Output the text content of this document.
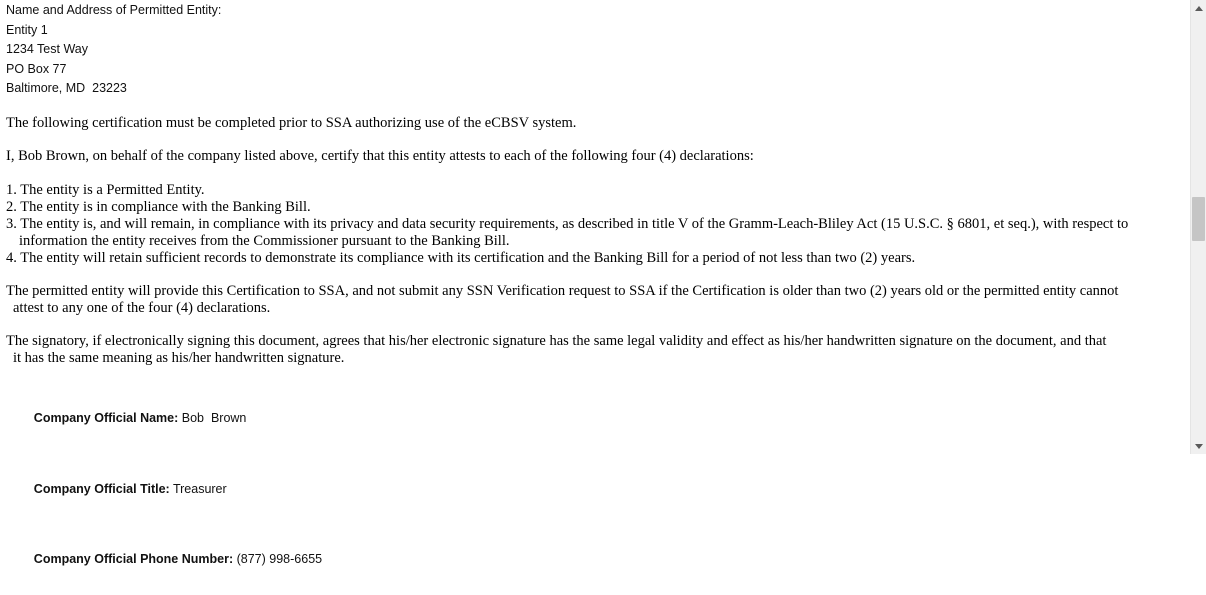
Name and Address of Permitted Entity:
Entity 1
1234 Test Way
PO Box 77
Baltimore, MD  23223
The following certification must be completed prior to SSA authorizing use of the eCBSV system.
I, Bob Brown, on behalf of the company listed above, certify that this entity attests to each of the following four (4) declarations:
1. The entity is a Permitted Entity.
2. The entity is in compliance with the Banking Bill.
3. The entity is, and will remain, in compliance with its privacy and data security requirements, as described in title V of the Gramm-Leach-Bliley Act (15 U.S.C. § 6801, et seq.), with respect to
information the entity receives from the Commissioner pursuant to the Banking Bill.
4. The entity will retain sufficient records to demonstrate its compliance with its certification and the Banking Bill for a period of not less than two (2) years.
The permitted entity will provide this Certification to SSA, and not submit any SSN Verification request to SSA if the Certification is older than two (2) years old or the permitted entity cannot
attest to any one of the four (4) declarations.
The signatory, if electronically signing this document, agrees that his/her electronic signature has the same legal validity and effect as his/her handwritten signature on the document, and that
it has the same meaning as his/her handwritten signature.

Company Official Name: Bob  Brown

Company Official Title: Treasurer

Company Official Phone Number: (877) 998-6655
